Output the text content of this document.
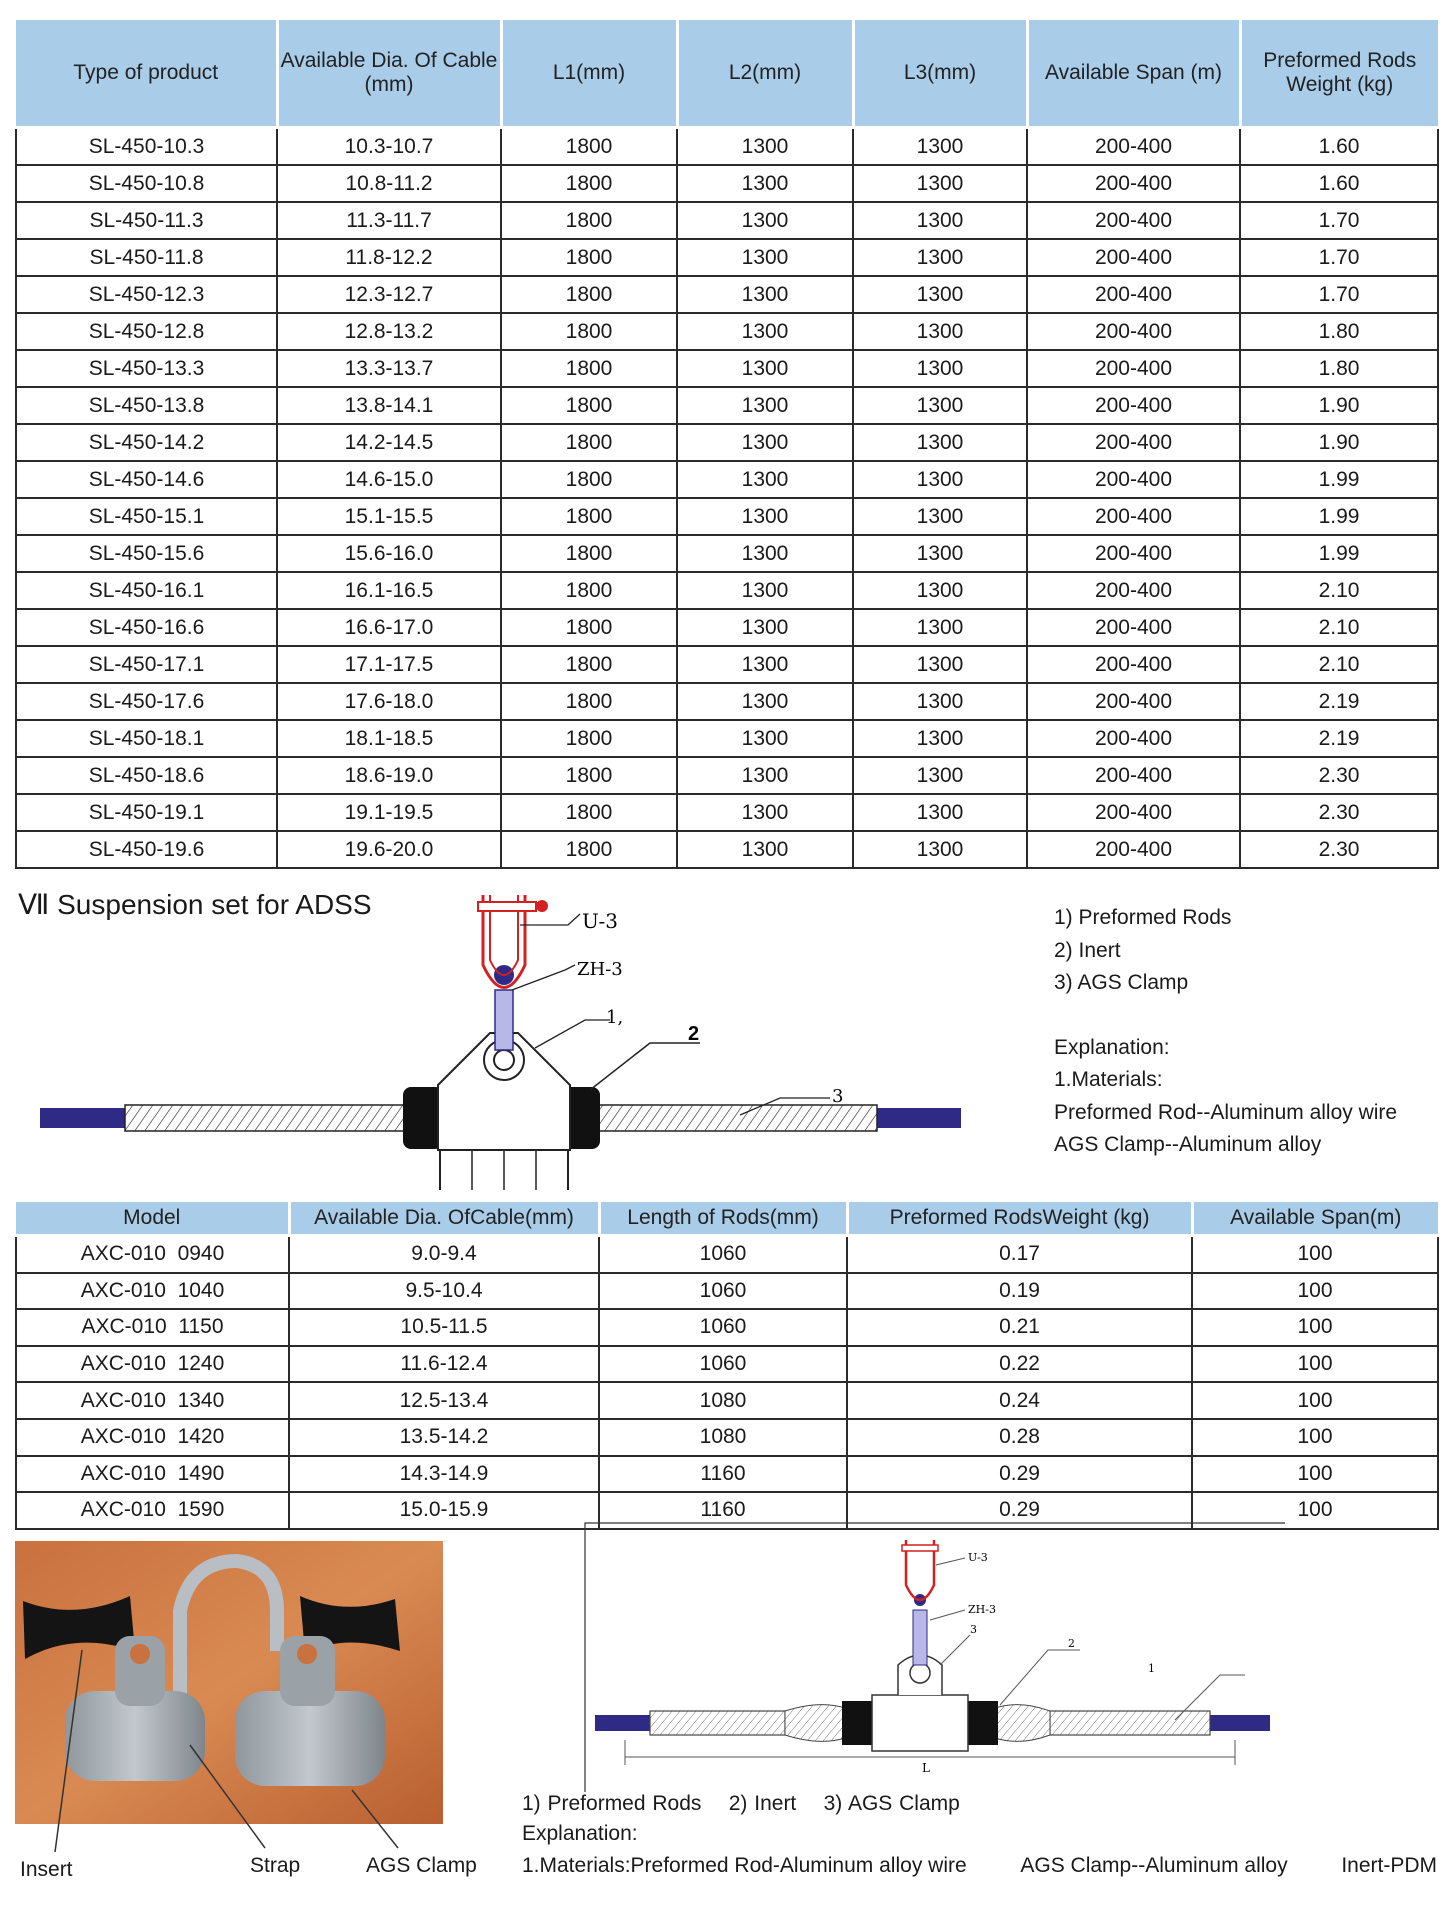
Type of product	Available Dia. Of Cable (mm)	L1(mm)	L2(mm)	L3(mm)	Available Span (m)	Preformed Rods Weight (kg)
SL-450-10.3	10.3-10.7	1800	1300	1300	200-400	1.60
SL-450-10.8	10.8-11.2	1800	1300	1300	200-400	1.60
SL-450-11.3	11.3-11.7	1800	1300	1300	200-400	1.70
SL-450-11.8	11.8-12.2	1800	1300	1300	200-400	1.70
SL-450-12.3	12.3-12.7	1800	1300	1300	200-400	1.70
SL-450-12.8	12.8-13.2	1800	1300	1300	200-400	1.80
SL-450-13.3	13.3-13.7	1800	1300	1300	200-400	1.80
SL-450-13.8	13.8-14.1	1800	1300	1300	200-400	1.90
SL-450-14.2	14.2-14.5	1800	1300	1300	200-400	1.90
SL-450-14.6	14.6-15.0	1800	1300	1300	200-400	1.99
SL-450-15.1	15.1-15.5	1800	1300	1300	200-400	1.99
SL-450-15.6	15.6-16.0	1800	1300	1300	200-400	1.99
SL-450-16.1	16.1-16.5	1800	1300	1300	200-400	2.10
SL-450-16.6	16.6-17.0	1800	1300	1300	200-400	2.10
SL-450-17.1	17.1-17.5	1800	1300	1300	200-400	2.10
SL-450-17.6	17.6-18.0	1800	1300	1300	200-400	2.19
SL-450-18.1	18.1-18.5	1800	1300	1300	200-400	2.19
SL-450-18.6	18.6-19.0	1800	1300	1300	200-400	2.30
SL-450-19.1	19.1-19.5	1800	1300	1300	200-400	2.30
SL-450-19.6	19.6-20.0	1800	1300	1300	200-400	2.30
Ⅶ Suspension set for ADSS
U-3
ZH-3
1,
2
3
1) Preformed Rods
2) Inert
3) AGS Clamp
Explanation:
1.Materials:
Preformed Rod--Aluminum alloy wire
AGS Clamp--Aluminum alloy
Model	Available Dia. OfCable(mm)	Length of Rods(mm)	Preformed RodsWeight (kg)	Available Span(m)
AXC-010  0940	9.0-9.4	1060	0.17	100
AXC-010  1040	9.5-10.4	1060	0.19	100
AXC-010  1150	10.5-11.5	1060	0.21	100
AXC-010  1240	11.6-12.4	1060	0.22	100
AXC-010  1340	12.5-13.4	1080	0.24	100
AXC-010  1420	13.5-14.2	1080	0.28	100
AXC-010  1490	14.3-14.9	1160	0.29	100
AXC-010  1590	15.0-15.9	1160	0.29	100
L
U-3
ZH-3
3
2
1
Insert	Strap	AGS Clamp
1) Preformed Rods    2) Inert    3) AGS Clamp
Explanation:
1.Materials:Preformed Rod-Aluminum alloy wire	AGS Clamp--Aluminum alloy	Inert-PDM
